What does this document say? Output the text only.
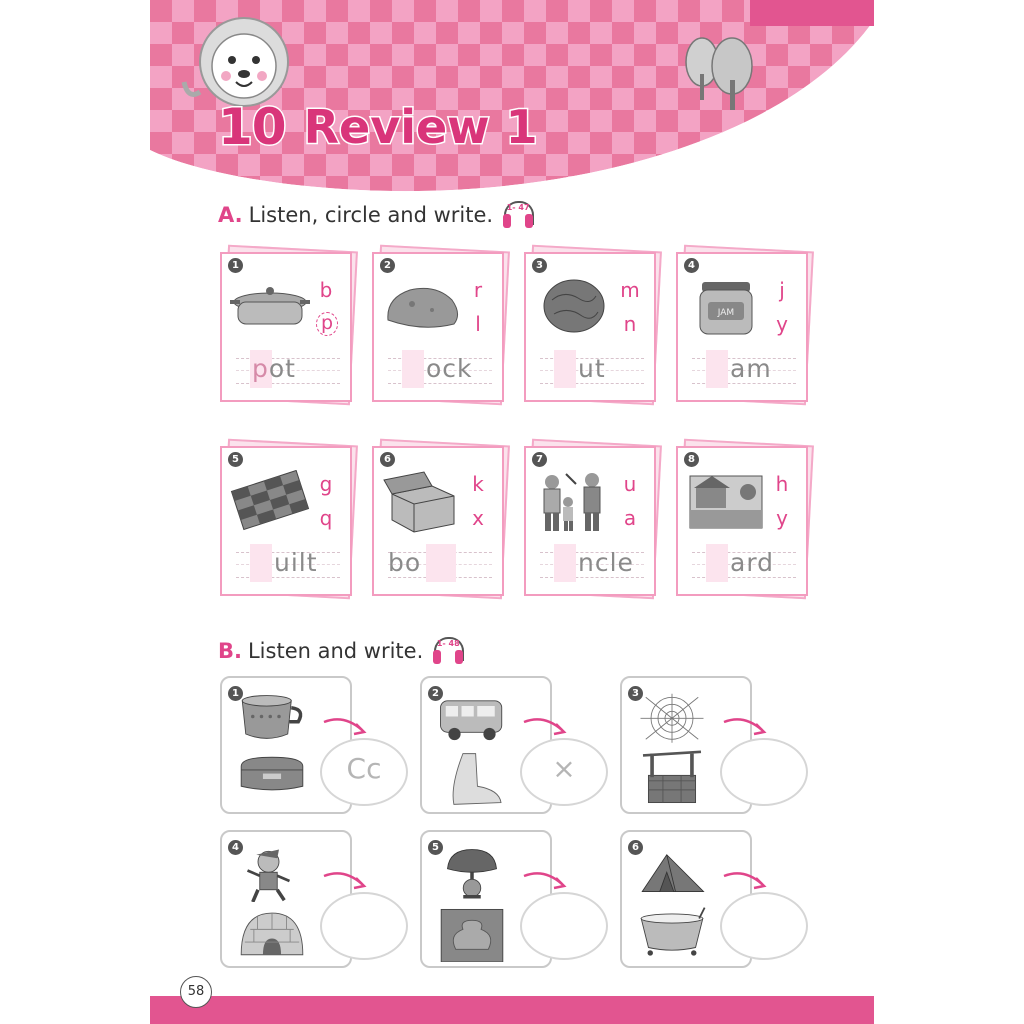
10 Review 1
A. Listen, circle and write.	1- 47
1
b
p
pot
2
r
l
ock
3
m
n
ut
4
JAM
j
y
am
5
g
q
uilt
6
k
x
bo
7
u
a
ncle
8
h
y
ard
B. Listen and write.	1- 48
1
Cc
2
×
3
4	5	6
58
